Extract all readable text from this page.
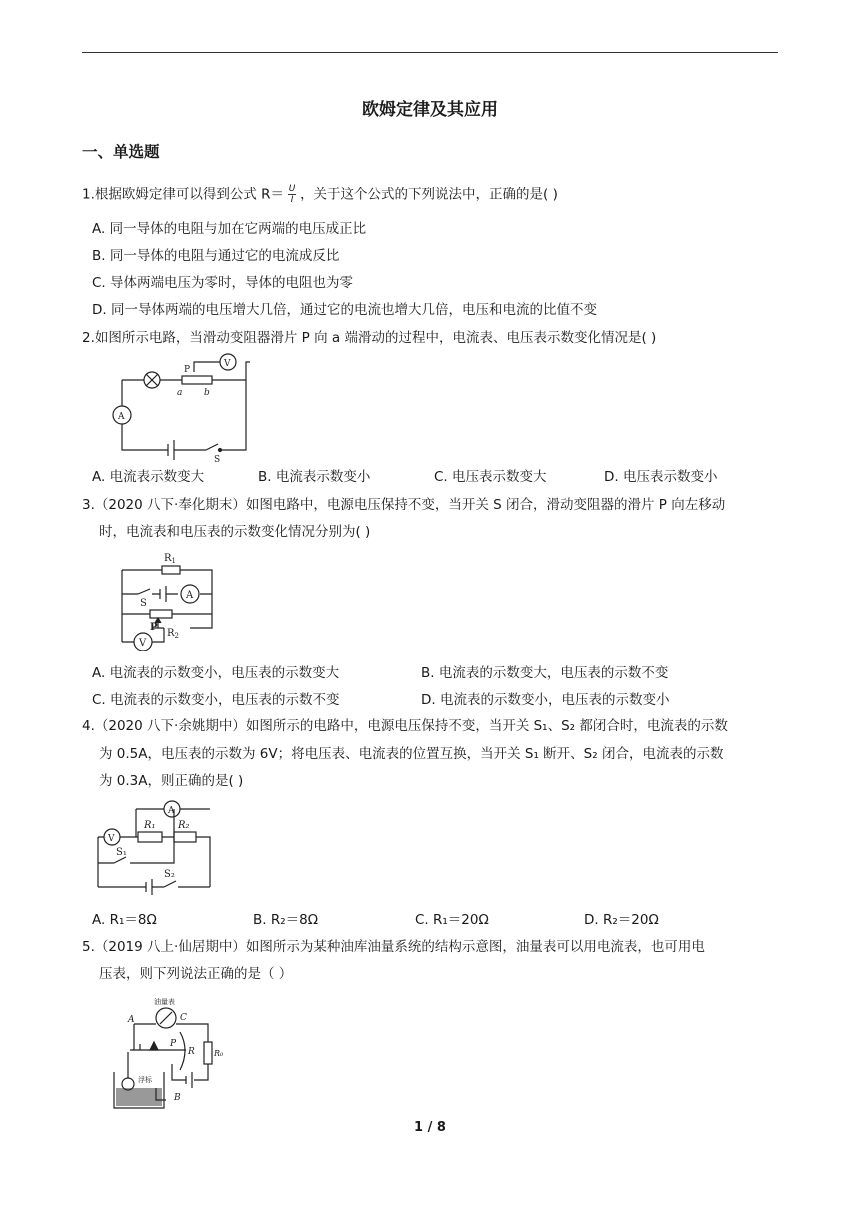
欧姆定律及其应用
一、单选题
1.根据欧姆定律可以得到公式 $R= \frac{U}{I}$ ，关于这个公式的下列说法中，正确的是( )
A. 同一导体的电阻与加在它两端的电压成正比
B. 同一导体的电阻与通过它的电流成反比
C. 导体两端电压为零时，导体的电阻也为零
D. 同一导体两端的电压增大几倍，通过它的电流也增大几倍，电压和电流的比值不变
2.如图所示电路，当滑动变阻器滑片 P 向 a 端滑动的过程中，电流表、电压表示数变化情况是( )
P
a b
V
A
S
A. 电流表示数变大	B. 电流表示数变小	C. 电压表示数变大	D. 电压表示数变小
3.（2020 八下·奉化期末）如图电路中，电源电压保持不变，当开关 S 闭合，滑动变阻器的滑片 P 向左移动
时，电流表和电压表的示数变化情况分别为( )
$R_1$
S
A
P
$R_2$
V
A. 电流表的示数变小，电压表的示数变大	B. 电流表的示数变大，电压表的示数不变
C. 电流表的示数变小，电压表的示数不变	D. 电流表的示数变小，电压表的示数变小
4.（2020 八下·余姚期中）如图所示的电路中，电源电压保持不变，当开关 S₁、S₂ 都闭合时，电流表的示数
为 0.5A，电压表的示数为 6V；将电压表、电流表的位置互换，当开关 S₁ 断开、S₂ 闭合，电流表的示数
为 0.3A，则正确的是( )
A
V
R₁ R₂
S₁
S₂
A. R₁＝8Ω	B. R₂＝8Ω	C. R₁＝20Ω	D. R₂＝20Ω
5.（2019 八上·仙居期中）如图所示为某种油库油量系统的结构示意图，油量表可以用电流表，也可用电
压表，则下列说法正确的是（ ）
油量表
A	C
P
R R₀
浮标
B
1 / 8
